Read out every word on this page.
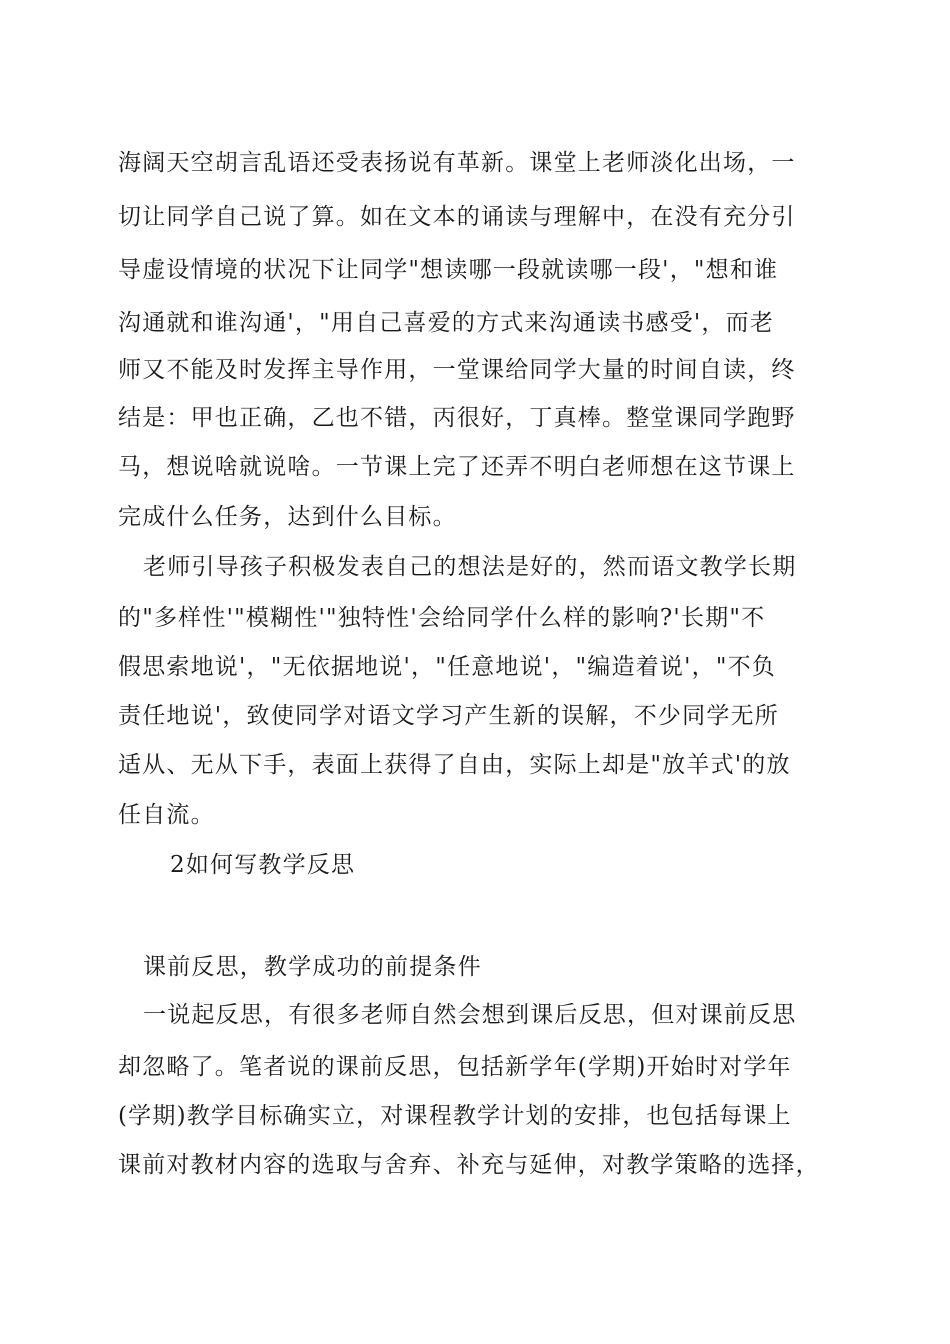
海阔天空胡言乱语还受表扬说有革新。课堂上老师淡化出场，一
切让同学自己说了算。如在文本的诵读与理解中，在没有充分引
导虚设情境的状况下让同学"想读哪一段就读哪一段'，"想和谁
沟通就和谁沟通'，"用自己喜爱的方式来沟通读书感受'，而老
师又不能及时发挥主导作用，一堂课给同学大量的时间自读，终
结是：甲也正确，乙也不错，丙很好，丁真棒。整堂课同学跑野
马，想说啥就说啥。一节课上完了还弄不明白老师想在这节课上
完成什么任务，达到什么目标。
老师引导孩子积极发表自己的想法是好的，然而语文教学长期
的"多样性'"模糊性'"独特性'会给同学什么样的影响?'长期"不
假思索地说'，"无依据地说'，"任意地说'，"编造着说'，"不负
责任地说'，致使同学对语文学习产生新的误解，不少同学无所
适从、无从下手，表面上获得了自由，实际上却是"放羊式'的放
任自流。
2如何写教学反思
课前反思，教学成功的前提条件
一说起反思，有很多老师自然会想到课后反思，但对课前反思
却忽略了。笔者说的课前反思，包括新学年(学期)开始时对学年
(学期)教学目标确实立，对课程教学计划的安排，也包括每课上
课前对教材内容的选取与舍弃、补充与延伸，对教学策略的选择，
